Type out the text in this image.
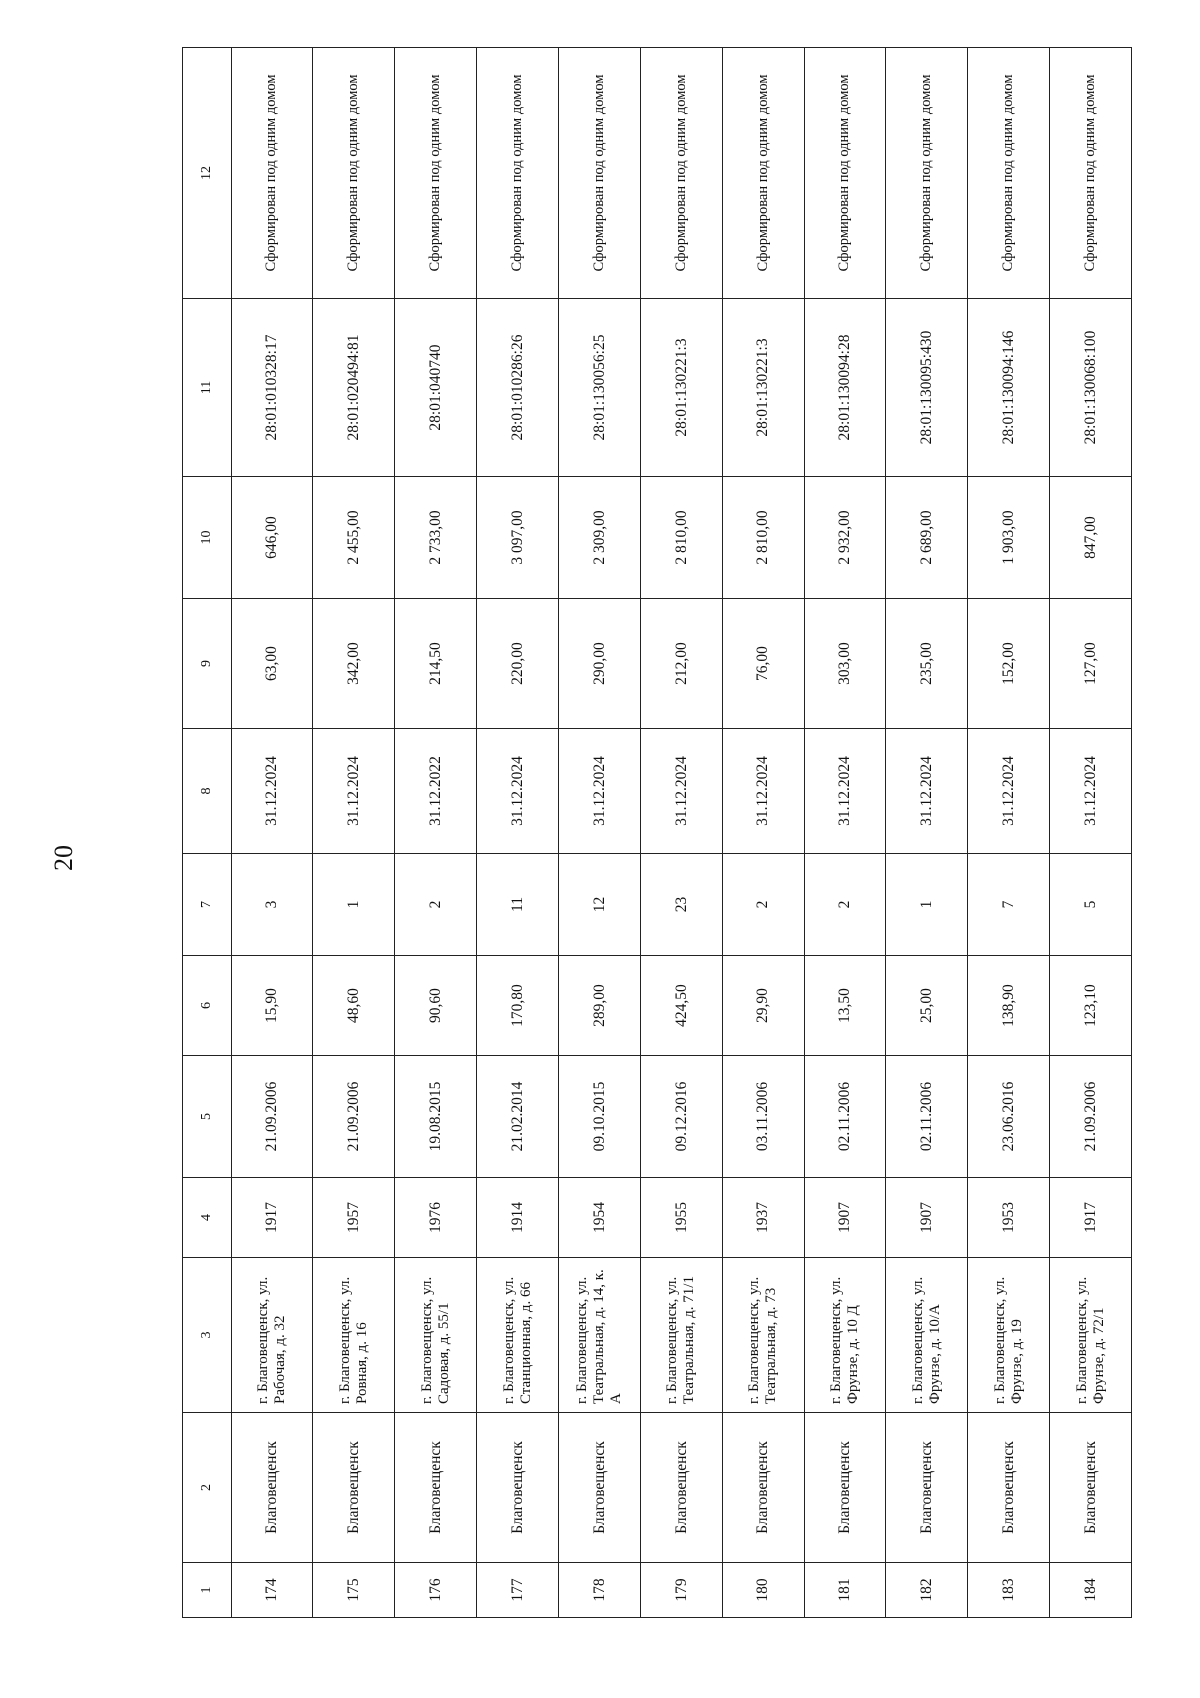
20
1	2	3	4	5	6	7	8	9	10	11	12
174	Благовещенск	г. Благовещенск, ул. Рабочая, д. 32	1917	21.09.2006	15,90	3	31.12.2024	63,00	646,00	28:01:010328:17	Сформирован под одним домом
175	Благовещенск	г. Благовещенск, ул. Ровная, д. 16	1957	21.09.2006	48,60	1	31.12.2024	342,00	2 455,00	28:01:020494:81	Сформирован под одним домом
176	Благовещенск	г. Благовещенск, ул. Садовая, д. 55/1	1976	19.08.2015	90,60	2	31.12.2022	214,50	2 733,00	28:01:040740	Сформирован под одним домом
177	Благовещенск	г. Благовещенск, ул. Станционная, д. 66	1914	21.02.2014	170,80	11	31.12.2024	220,00	3 097,00	28:01:010286:26	Сформирован под одним домом
178	Благовещенск	г. Благовещенск, ул. Театральная, д. 14, к. А	1954	09.10.2015	289,00	12	31.12.2024	290,00	2 309,00	28:01:130056:25	Сформирован под одним домом
179	Благовещенск	г. Благовещенск, ул. Театральная, д. 71/1	1955	09.12.2016	424,50	23	31.12.2024	212,00	2 810,00	28:01:130221:3	Сформирован под одним домом
180	Благовещенск	г. Благовещенск, ул. Театральная, д. 73	1937	03.11.2006	29,90	2	31.12.2024	76,00	2 810,00	28:01:130221:3	Сформирован под одним домом
181	Благовещенск	г. Благовещенск, ул. Фрунзе, д. 10 Д	1907	02.11.2006	13,50	2	31.12.2024	303,00	2 932,00	28:01:130094:28	Сформирован под одним домом
182	Благовещенск	г. Благовещенск, ул. Фрунзе, д. 10/А	1907	02.11.2006	25,00	1	31.12.2024	235,00	2 689,00	28:01:130095:430	Сформирован под одним домом
183	Благовещенск	г. Благовещенск, ул. Фрунзе, д. 19	1953	23.06.2016	138,90	7	31.12.2024	152,00	1 903,00	28:01:130094:146	Сформирован под одним домом
184	Благовещенск	г. Благовещенск, ул. Фрунзе, д. 72/1	1917	21.09.2006	123,10	5	31.12.2024	127,00	847,00	28:01:130068:100	Сформирован под одним домом
